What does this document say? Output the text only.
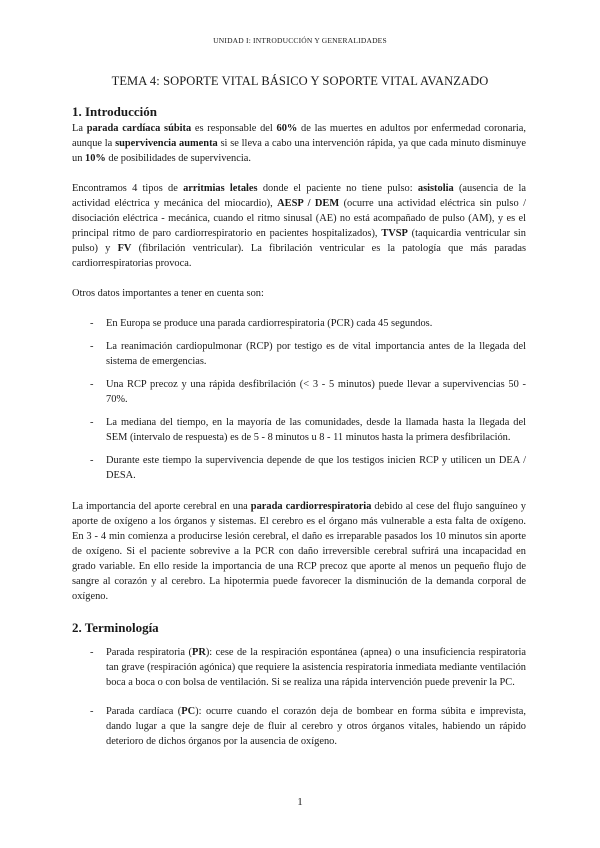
UNIDAD I: INTRODUCCIÓN Y GENERALIDADES
TEMA 4: SOPORTE VITAL BÁSICO Y SOPORTE VITAL AVANZADO
1. Introducción

La parada cardíaca súbita es responsable del 60% de las muertes en adultos por enfermedad coronaria, aunque la supervivencia aumenta si se lleva a cabo una intervención rápida, ya que cada minuto disminuye un 10% de posibilidades de supervivencia.

Encontramos 4 tipos de arritmias letales donde el paciente no tiene pulso: asistolia (ausencia de la actividad eléctrica y mecánica del miocardio), AESP / DEM (ocurre una actividad eléctrica sin pulso / disociación eléctrica - mecánica, cuando el ritmo sinusal (AE) no está acompañado de pulso (AM), y es el principal ritmo de paro cardiorrespiratorio en pacientes hospitalizados), TVSP (taquicardia ventricular sin pulso) y FV (fibrilación ventricular). La fibrilación ventricular es la patología que más paradas cardiorrespiratorias provoca.

Otros datos importantes a tener en cuenta son:

- En Europa se produce una parada cardiorrespiratoria (PCR) cada 45 segundos.
- La reanimación cardiopulmonar (RCP) por testigo es de vital importancia antes de la llegada del sistema de emergencias.
- Una RCP precoz y una rápida desfibrilación (< 3 - 5 minutos) puede llevar a supervivencias 50 - 70%.
- La mediana del tiempo, en la mayoría de las comunidades, desde la llamada hasta la llegada del SEM (intervalo de respuesta) es de 5 - 8 minutos u 8 - 11 minutos hasta la primera desfibrilación.
- Durante este tiempo la supervivencia depende de que los testigos inicien RCP y utilicen un DEA / DESA.

La importancia del aporte cerebral en una parada cardiorrespiratoria debido al cese del flujo sanguíneo y aporte de oxígeno a los órganos y sistemas. El cerebro es el órgano más vulnerable a esta falta de oxígeno. En 3 - 4 min comienza a producirse lesión cerebral, el daño es irreparable pasados los 10 minutos sin aporte de oxígeno. Si el paciente sobrevive a la PCR con daño irreversible cerebral sufrirá una incapacidad en grado variable. En ello reside la importancia de una RCP precoz que aporte al menos un pequeño flujo de sangre al corazón y al cerebro. La hipotermia puede favorecer la disminución de la demanda corporal de oxígeno.

2. Terminología
- Parada respiratoria (PR): cese de la respiración espontánea (apnea) o una insuficiencia respiratoria tan grave (respiración agónica) que requiere la asistencia respiratoria inmediata mediante ventilación boca a boca o con bolsa de ventilación. Si se realiza una rápida intervención puede prevenir la PC.
- Parada cardíaca (PC): ocurre cuando el corazón deja de bombear en forma súbita e imprevista, dando lugar a que la sangre deje de fluir al cerebro y otros órganos vitales, habiendo un rápido deterioro de dichos órganos por la ausencia de oxígeno.
1
